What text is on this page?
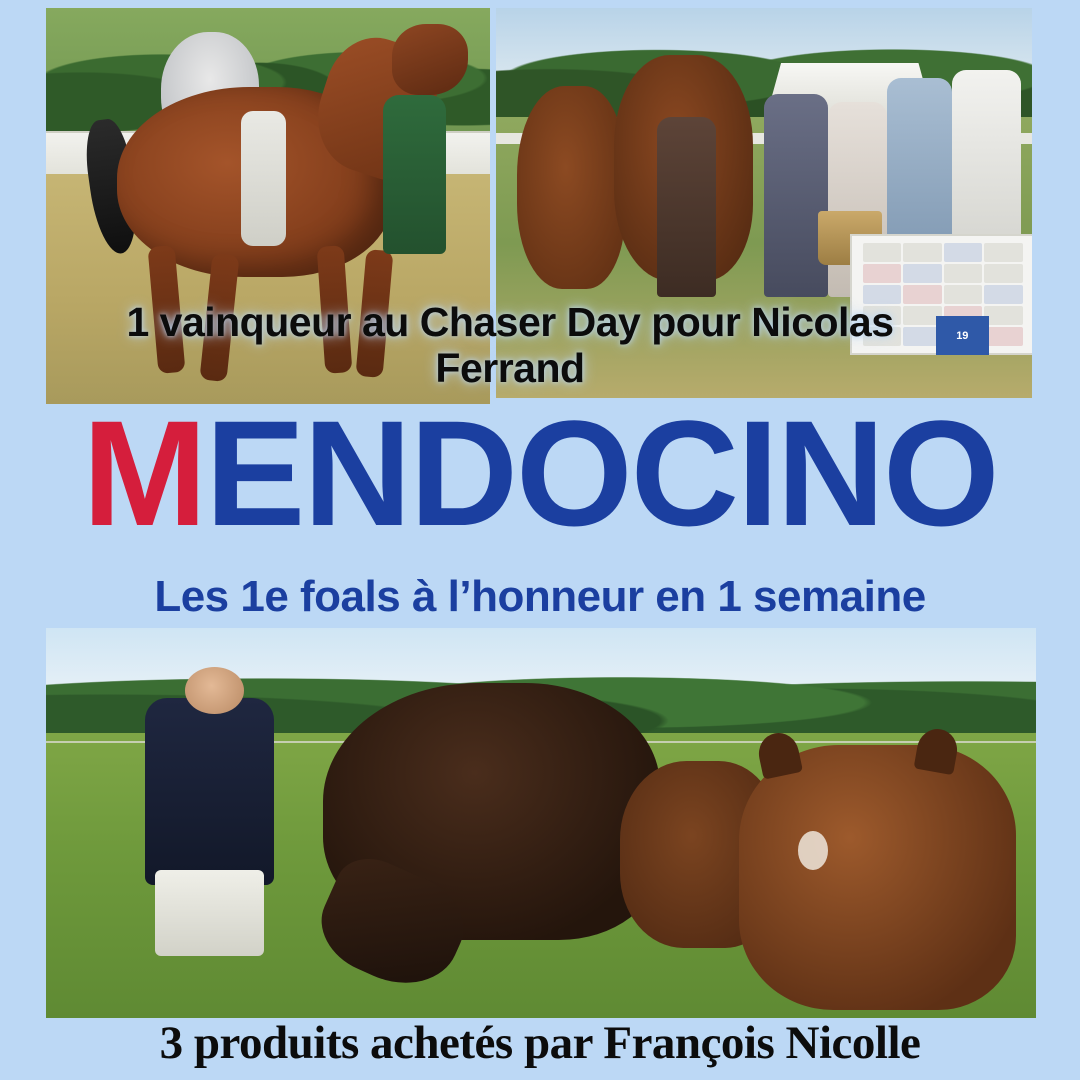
19
1 vainqueur au Chaser Day pour Nicolas Ferrand
MENDOCINO
Les 1e foals à l’honneur en 1 semaine
3 produits achetés par François Nicolle
